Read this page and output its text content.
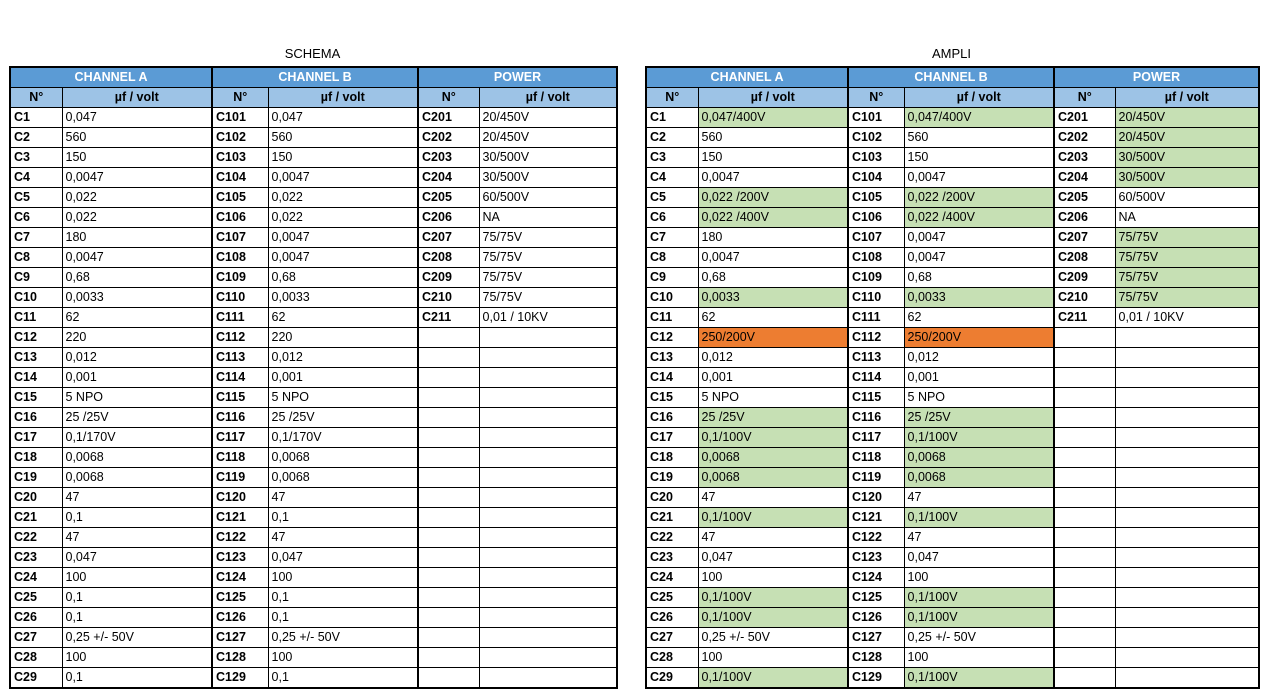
SCHEMA
CHANNEL A		CHANNEL B		POWER	
N°	µf / volt	N°	µf / volt	N°	µf / volt
C1	0,047	C101	0,047	C201	20/450V
C2	560	C102	560	C202	20/450V
C3	150	C103	150	C203	30/500V
C4	0,0047	C104	0,0047	C204	30/500V
C5	0,022	C105	0,022	C205	60/500V
C6	0,022	C106	0,022	C206	NA
C7	180	C107	0,0047	C207	75/75V
C8	0,0047	C108	0,0047	C208	75/75V
C9	0,68	C109	0,68	C209	75/75V
C10	0,0033	C110	0,0033	C210	75/75V
C11	62	C111	62	C211	0,01 / 10KV
C12	220	C112	220		
C13	0,012	C113	0,012		
C14	0,001	C114	0,001		
C15	5 NPO	C115	5 NPO		
C16	25 /25V	C116	25 /25V		
C17	0,1/170V	C117	0,1/170V		
C18	0,0068	C118	0,0068		
C19	0,0068	C119	0,0068		
C20	47	C120	47		
C21	0,1	C121	0,1		
C22	47	C122	47		
C23	0,047	C123	0,047		
C24	100	C124	100		
C25	0,1	C125	0,1		
C26	0,1	C126	0,1		
C27	0,25 +/- 50V	C127	0,25 +/- 50V		
C28	100	C128	100		
C29	0,1	C129	0,1		
AMPLI
CHANNEL A		CHANNEL B		POWER	
N°	µf / volt	N°	µf / volt	N°	µf / volt
C1	0,047/400V	C101	0,047/400V	C201	20/450V
C2	560	C102	560	C202	20/450V
C3	150	C103	150	C203	30/500V
C4	0,0047	C104	0,0047	C204	30/500V
C5	0,022 /200V	C105	0,022 /200V	C205	60/500V
C6	0,022 /400V	C106	0,022 /400V	C206	NA
C7	180	C107	0,0047	C207	75/75V
C8	0,0047	C108	0,0047	C208	75/75V
C9	0,68	C109	0,68	C209	75/75V
C10	0,0033	C110	0,0033	C210	75/75V
C11	62	C111	62	C211	0,01 / 10KV
C12	250/200V	C112	250/200V		
C13	0,012	C113	0,012		
C14	0,001	C114	0,001		
C15	5 NPO	C115	5 NPO		
C16	25 /25V	C116	25 /25V		
C17	0,1/100V	C117	0,1/100V		
C18	0,0068	C118	0,0068		
C19	0,0068	C119	0,0068		
C20	47	C120	47		
C21	0,1/100V	C121	0,1/100V		
C22	47	C122	47		
C23	0,047	C123	0,047		
C24	100	C124	100		
C25	0,1/100V	C125	0,1/100V		
C26	0,1/100V	C126	0,1/100V		
C27	0,25 +/- 50V	C127	0,25 +/- 50V		
C28	100	C128	100		
C29	0,1/100V	C129	0,1/100V		
